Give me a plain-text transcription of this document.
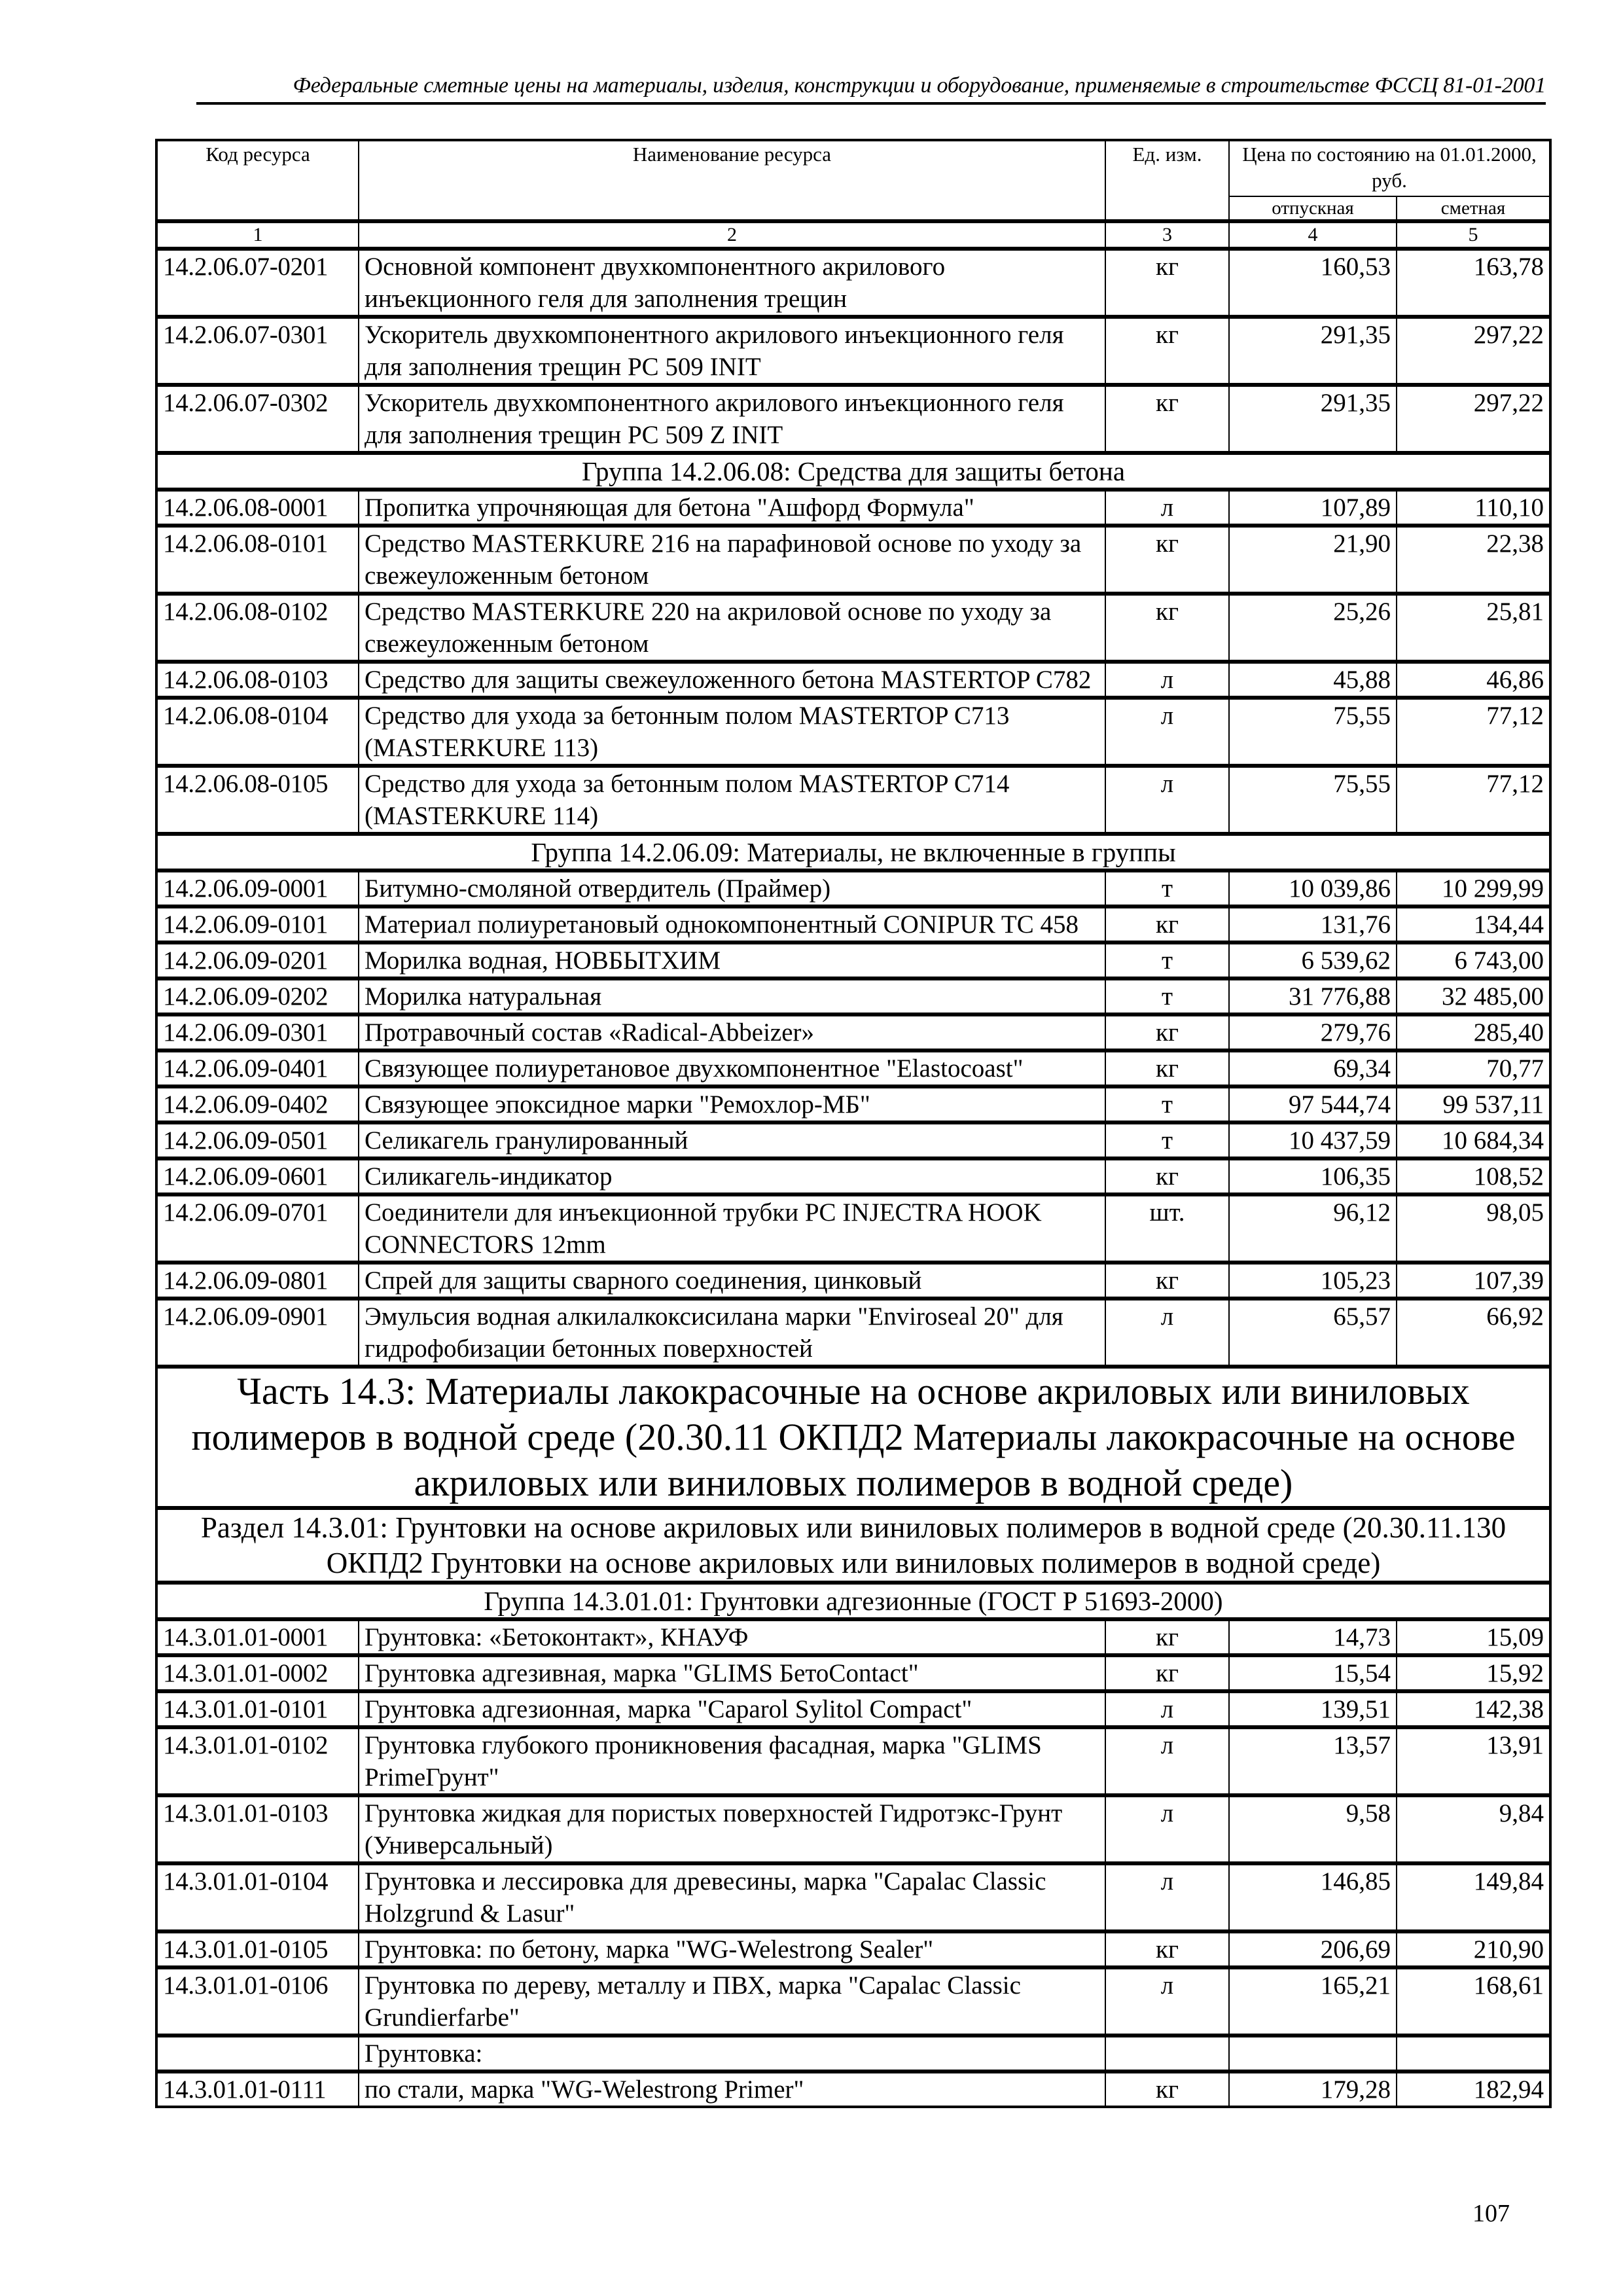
Федеральные сметные цены на материалы, изделия, конструкции и оборудование, применяемые в строительстве ФССЦ 81-01-2001
Код ресурса	Наименование ресурса	Ед. изм.	Цена по состоянию на 01.01.2000, руб.	
			отпускная	сметная
1	2	3	4	5
14.2.06.07-0201	Основной компонент двухкомпонентного акрилового инъекционного геля для заполнения трещин	кг	160,53	163,78
14.2.06.07-0301	Ускоритель двухкомпонентного акрилового инъекционного геля для заполнения трещин PC 509 INIT	кг	291,35	297,22
14.2.06.07-0302	Ускоритель двухкомпонентного акрилового инъекционного геля для заполнения трещин PC 509 Z INIT	кг	291,35	297,22
Группа 14.2.06.08: Средства для защиты бетона				
14.2.06.08-0001	Пропитка упрочняющая для бетона "Ашфорд Формула"	л	107,89	110,10
14.2.06.08-0101	Средство MASTERKURE 216 на парафиновой основе по уходу за свежеуложенным бетоном	кг	21,90	22,38
14.2.06.08-0102	Средство MASTERKURE 220 на акриловой основе по уходу за свежеуложенным бетоном	кг	25,26	25,81
14.2.06.08-0103	Средство для защиты свежеуложенного бетона MASTERTOP C782	л	45,88	46,86
14.2.06.08-0104	Средство для ухода за бетонным полом MASTERTOP C713 (MASTERKURE 113)	л	75,55	77,12
14.2.06.08-0105	Средство для ухода за бетонным полом MASTERTOP C714 (MASTERKURE 114)	л	75,55	77,12
Группа 14.2.06.09: Материалы, не включенные в группы				
14.2.06.09-0001	Битумно-смоляной отвердитель (Праймер)	т	10 039,86	10 299,99
14.2.06.09-0101	Материал полиуретановый однокомпонентный CONIPUR TC 458	кг	131,76	134,44
14.2.06.09-0201	Морилка водная, НОВБЫТХИМ	т	6 539,62	6 743,00
14.2.06.09-0202	Морилка натуральная	т	31 776,88	32 485,00
14.2.06.09-0301	Протравочный состав «Radical-Abbeizer»	кг	279,76	285,40
14.2.06.09-0401	Связующее полиуретановое двухкомпонентное "Elastocoast"	кг	69,34	70,77
14.2.06.09-0402	Связующее эпоксидное марки "Ремохлор-МБ"	т	97 544,74	99 537,11
14.2.06.09-0501	Селикагель гранулированный	т	10 437,59	10 684,34
14.2.06.09-0601	Силикагель-индикатор	кг	106,35	108,52
14.2.06.09-0701	Соединители для инъекционной трубки PC INJECTRA HOOK CONNECTORS 12mm	шт.	96,12	98,05
14.2.06.09-0801	Спрей для защиты сварного соединения, цинковый	кг	105,23	107,39
14.2.06.09-0901	Эмульсия водная алкилалкоксисилана марки "Enviroseal 20" для гидрофобизации бетонных поверхностей	л	65,57	66,92
Часть 14.3: Материалы лакокрасочные на основе акриловых или виниловых полимеров в водной среде (20.30.11 ОКПД2 Материалы лакокрасочные на основе акриловых или виниловых полимеров в водной среде)				
Раздел 14.3.01: Грунтовки на основе акриловых или виниловых полимеров в водной среде (20.30.11.130 ОКПД2 Грунтовки на основе акриловых или виниловых полимеров в водной среде)				
Группа 14.3.01.01: Грунтовки адгезионные (ГОСТ Р 51693-2000)				
14.3.01.01-0001	Грунтовка: «Бетоконтакт», КНАУФ	кг	14,73	15,09
14.3.01.01-0002	Грунтовка адгезивная, марка "GLIMS БетоContact"	кг	15,54	15,92
14.3.01.01-0101	Грунтовка адгезионная, марка "Caparol Sylitol Compact"	л	139,51	142,38
14.3.01.01-0102	Грунтовка глубокого проникновения фасадная, марка "GLIMS PrimeГрунт"	л	13,57	13,91
14.3.01.01-0103	Грунтовка жидкая для пористых поверхностей Гидротэкс-Грунт (Универсальный)	л	9,58	9,84
14.3.01.01-0104	Грунтовка и лессировка для древесины, марка "Capalac Classic Holzgrund & Lasur"	л	146,85	149,84
14.3.01.01-0105	Грунтовка: по бетону, марка "WG-Welestrong Sealer"	кг	206,69	210,90
14.3.01.01-0106	Грунтовка по дереву, металлу и ПВХ, марка "Capalac Classic Grundierfarbe"	л	165,21	168,61
	Грунтовка:			
14.3.01.01-0111	по стали, марка "WG-Welestrong Primer"	кг	179,28	182,94
107
